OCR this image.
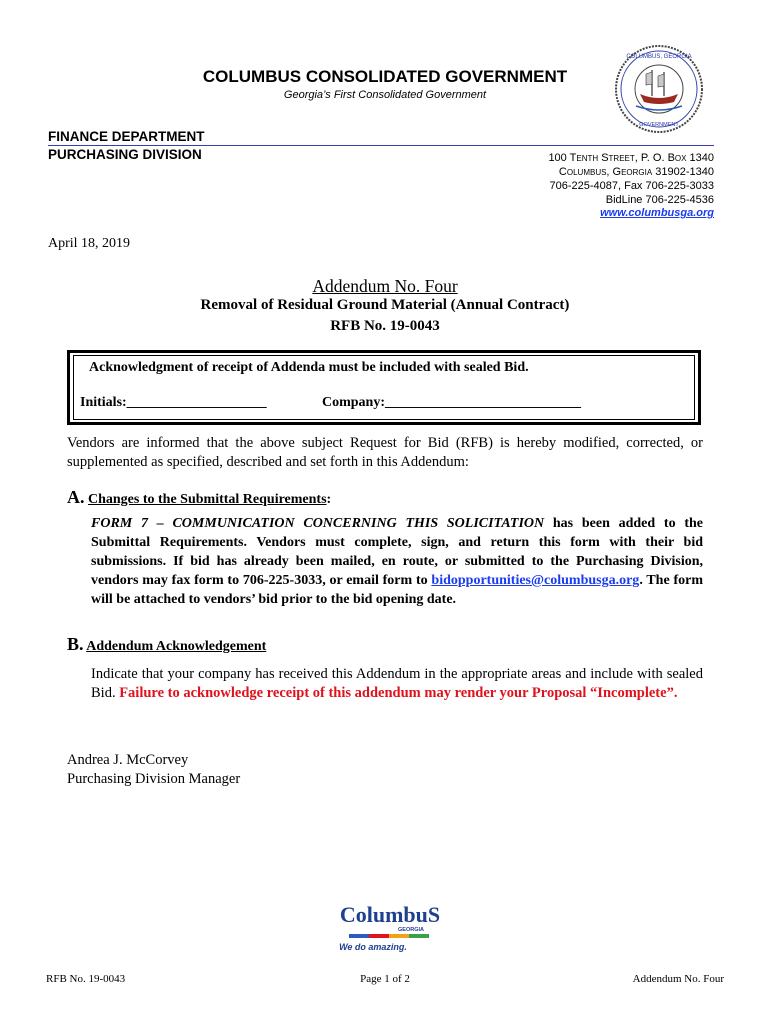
COLUMBUS CONSOLIDATED GOVERNMENT
Georgia’s First Consolidated Government
COLUMBUS, GEORGIA
GOVERNMENT
FINANCE DEPARTMENT
PURCHASING DIVISION	100 Tenth Street, P. O. Box 1340
Columbus, Georgia 31902-1340
706-225-4087, Fax 706-225-3033
BidLine 706-225-4536
www.columbusga.org
April 18, 2019
Addendum No. Four
Removal of Residual Ground Material (Annual Contract)
RFB No. 19-0043
Acknowledgment of receipt of Addenda must be included with sealed Bid.
Initials:____________________	Company:____________________________
Vendors are informed that the above subject Request for Bid (RFB) is hereby modified, corrected, or supplemented as specified, described and set forth in this Addendum:
A. Changes to the Submittal Requirements:
FORM 7 – COMMUNICATION CONCERNING THIS SOLICITATION has been added to the Submittal Requirements. Vendors must complete, sign, and return this form with their bid submissions. If bid has already been mailed, en route, or submitted to the Purchasing Division, vendors may fax form to 706-225-3033, or email form to bidopportunities@columbusga.org. The form will be attached to vendors’ bid prior to the bid opening date.
B. Addendum Acknowledgement
Indicate that your company has received this Addendum in the appropriate areas and include with sealed Bid. Failure to acknowledge receipt of this addendum may render your Proposal “Incomplete”.
Andrea J. McCorvey
Purchasing Division Manager
ColumbuS
GEORGIA
We do amazing.
RFB No. 19-0043	Page 1 of 2	Addendum No. Four
